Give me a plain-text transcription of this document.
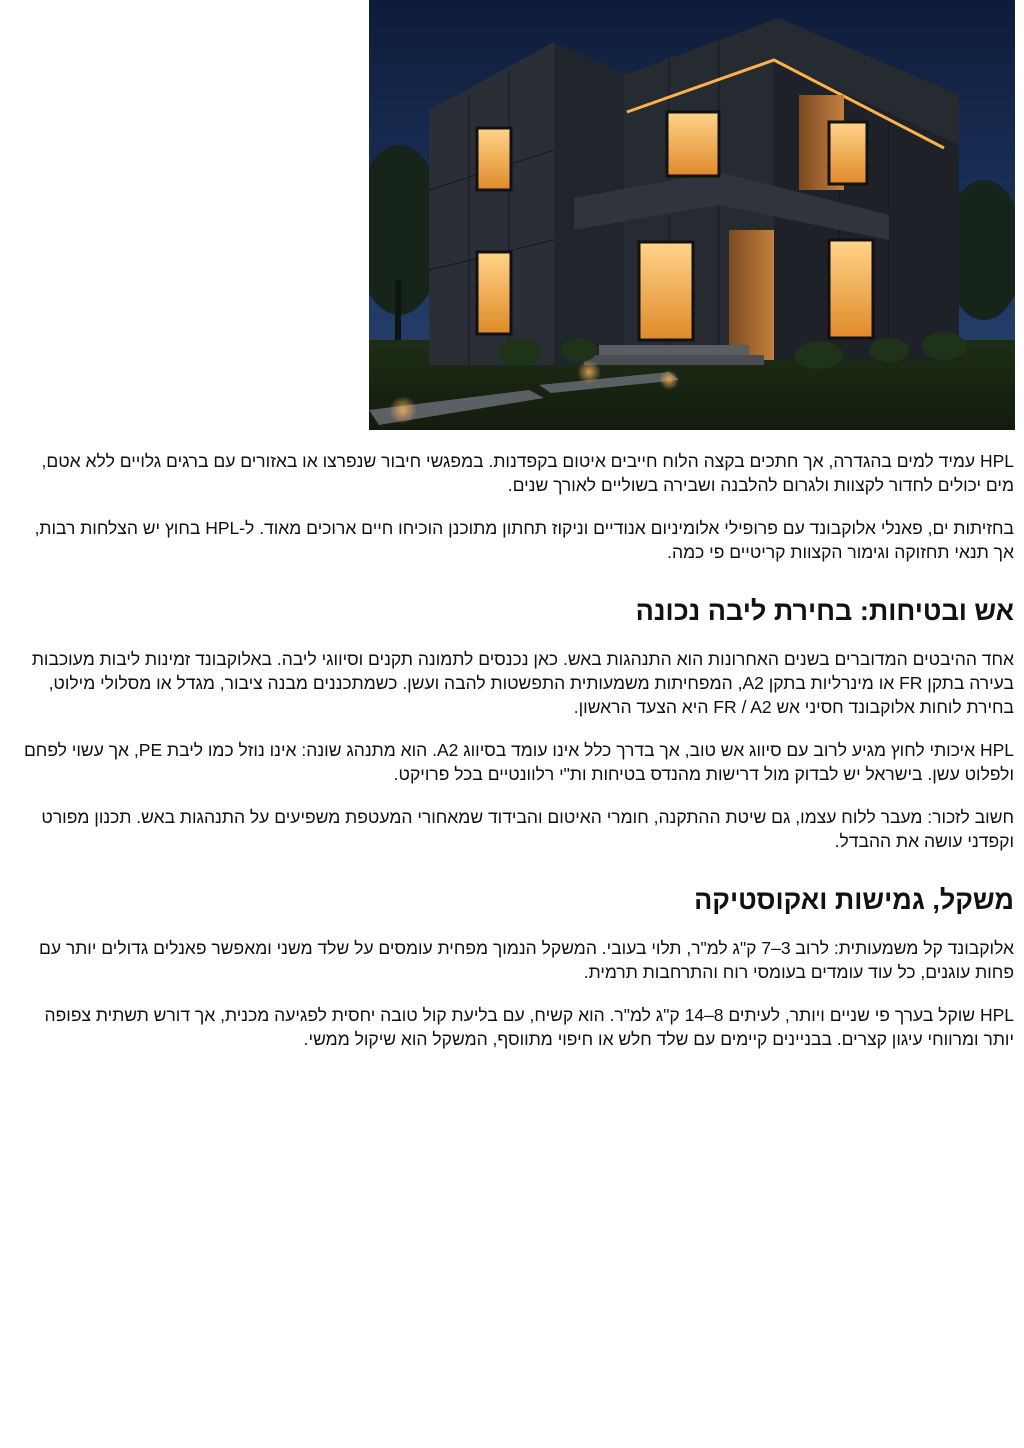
HPL עמיד למים בהגדרה, אך חתכים בקצה הלוח חייבים איטום בקפדנות. במפגשי חיבור שנפרצו או באזורים עם ברגים גלויים ללא אטם, מים יכולים לחדור לקצוות ולגרום להלבנה ושבירה בשוליים לאורך שנים.

בחזיתות ים, פאנלי אלוקבונד עם פרופילי אלומיניום אנודיים וניקוז תחתון מתוכנן הוכיחו חיים ארוכים מאוד. ל-HPL בחוץ יש הצלחות רבות, אך תנאי תחזוקה וגימור הקצוות קריטיים פי כמה.

אש ובטיחות: בחירת ליבה נכונה

אחד ההיבטים המדוברים בשנים האחרונות הוא התנהגות באש. כאן נכנסים לתמונה תקנים וסיווגי ליבה. באלוקבונד זמינות ליבות מעוכבות בעירה בתקן FR או מינרליות בתקן A2, המפחיתות משמעותית התפשטות להבה ועשן. כשמתכננים מבנה ציבור, מגדל או מסלולי מילוט, בחירת לוחות אלוקבונד חסיני אש FR / A2 היא הצעד הראשון.

HPL איכותי לחוץ מגיע לרוב עם סיווג אש טוב, אך בדרך כלל אינו עומד בסיווג A2. הוא מתנהג שונה: אינו נוזל כמו ליבת PE, אך עשוי לפחם ולפלוט עשן. בישראל יש לבדוק מול דרישות מהנדס בטיחות ות"י רלוונטיים בכל פרויקט.

חשוב לזכור: מעבר ללוח עצמו, גם שיטת ההתקנה, חומרי האיטום והבידוד שמאחורי המעטפת משפיעים על התנהגות באש. תכנון מפורט וקפדני עושה את ההבדל.

משקל, גמישות ואקוסטיקה

אלוקבונד קל משמעותית: לרוב 3–7 ק"ג למ"ר, תלוי בעובי. המשקל הנמוך מפחית עומסים על שלד משני ומאפשר פאנלים גדולים יותר עם פחות עוגנים, כל עוד עומדים בעומסי רוח והתרחבות תרמית.

HPL שוקל בערך פי שניים ויותר, לעיתים 8–14 ק"ג למ"ר. הוא קשיח, עם בליעת קול טובה יחסית לפגיעה מכנית, אך דורש תשתית צפופה יותר ומרווחי עיגון קצרים. בבניינים קיימים עם שלד חלש או חיפוי מתווסף, המשקל הוא שיקול ממשי.
